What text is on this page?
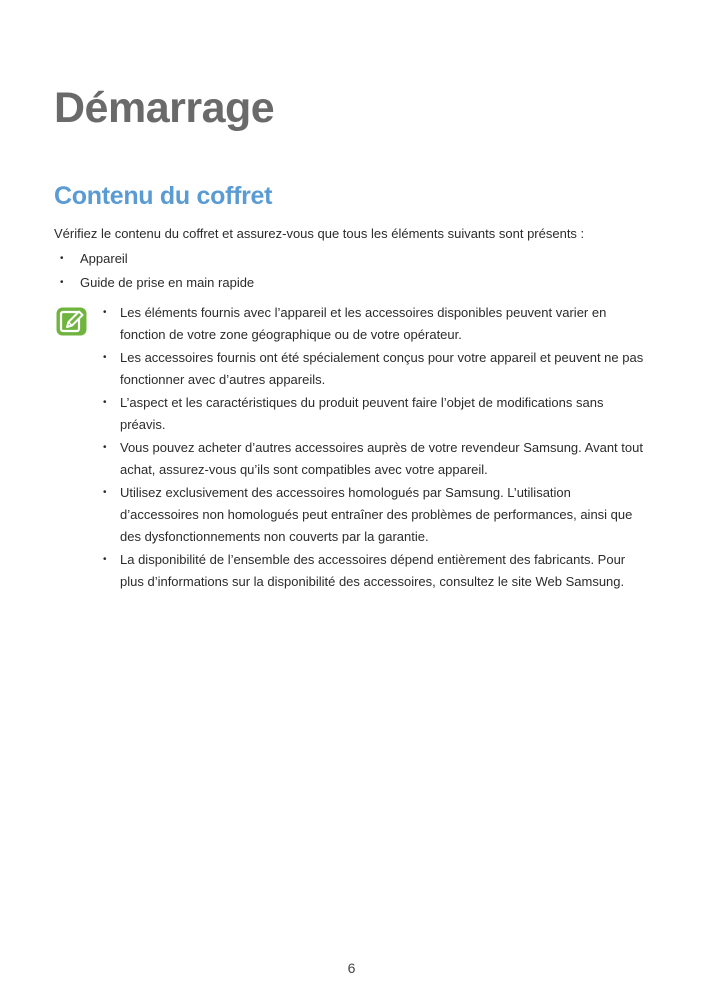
Démarrage
Contenu du coffret

Vérifiez le contenu du coffret et assurez-vous que tous les éléments suivants sont présents :

• Appareil
• Guide de prise en main rapide
• Les éléments fournis avec l’appareil et les accessoires disponibles peuvent varier en fonction de votre zone géographique ou de votre opérateur.
• Les accessoires fournis ont été spécialement conçus pour votre appareil et peuvent ne pas fonctionner avec d’autres appareils.
• L’aspect et les caractéristiques du produit peuvent faire l’objet de modifications sans préavis.
• Vous pouvez acheter d’autres accessoires auprès de votre revendeur Samsung. Avant tout achat, assurez-vous qu’ils sont compatibles avec votre appareil.
• Utilisez exclusivement des accessoires homologués par Samsung. L’utilisation d’accessoires non homologués peut entraîner des problèmes de performances, ainsi que des dysfonctionnements non couverts par la garantie.
• La disponibilité de l’ensemble des accessoires dépend entièrement des fabricants. Pour plus d’informations sur la disponibilité des accessoires, consultez le site Web Samsung.
6
